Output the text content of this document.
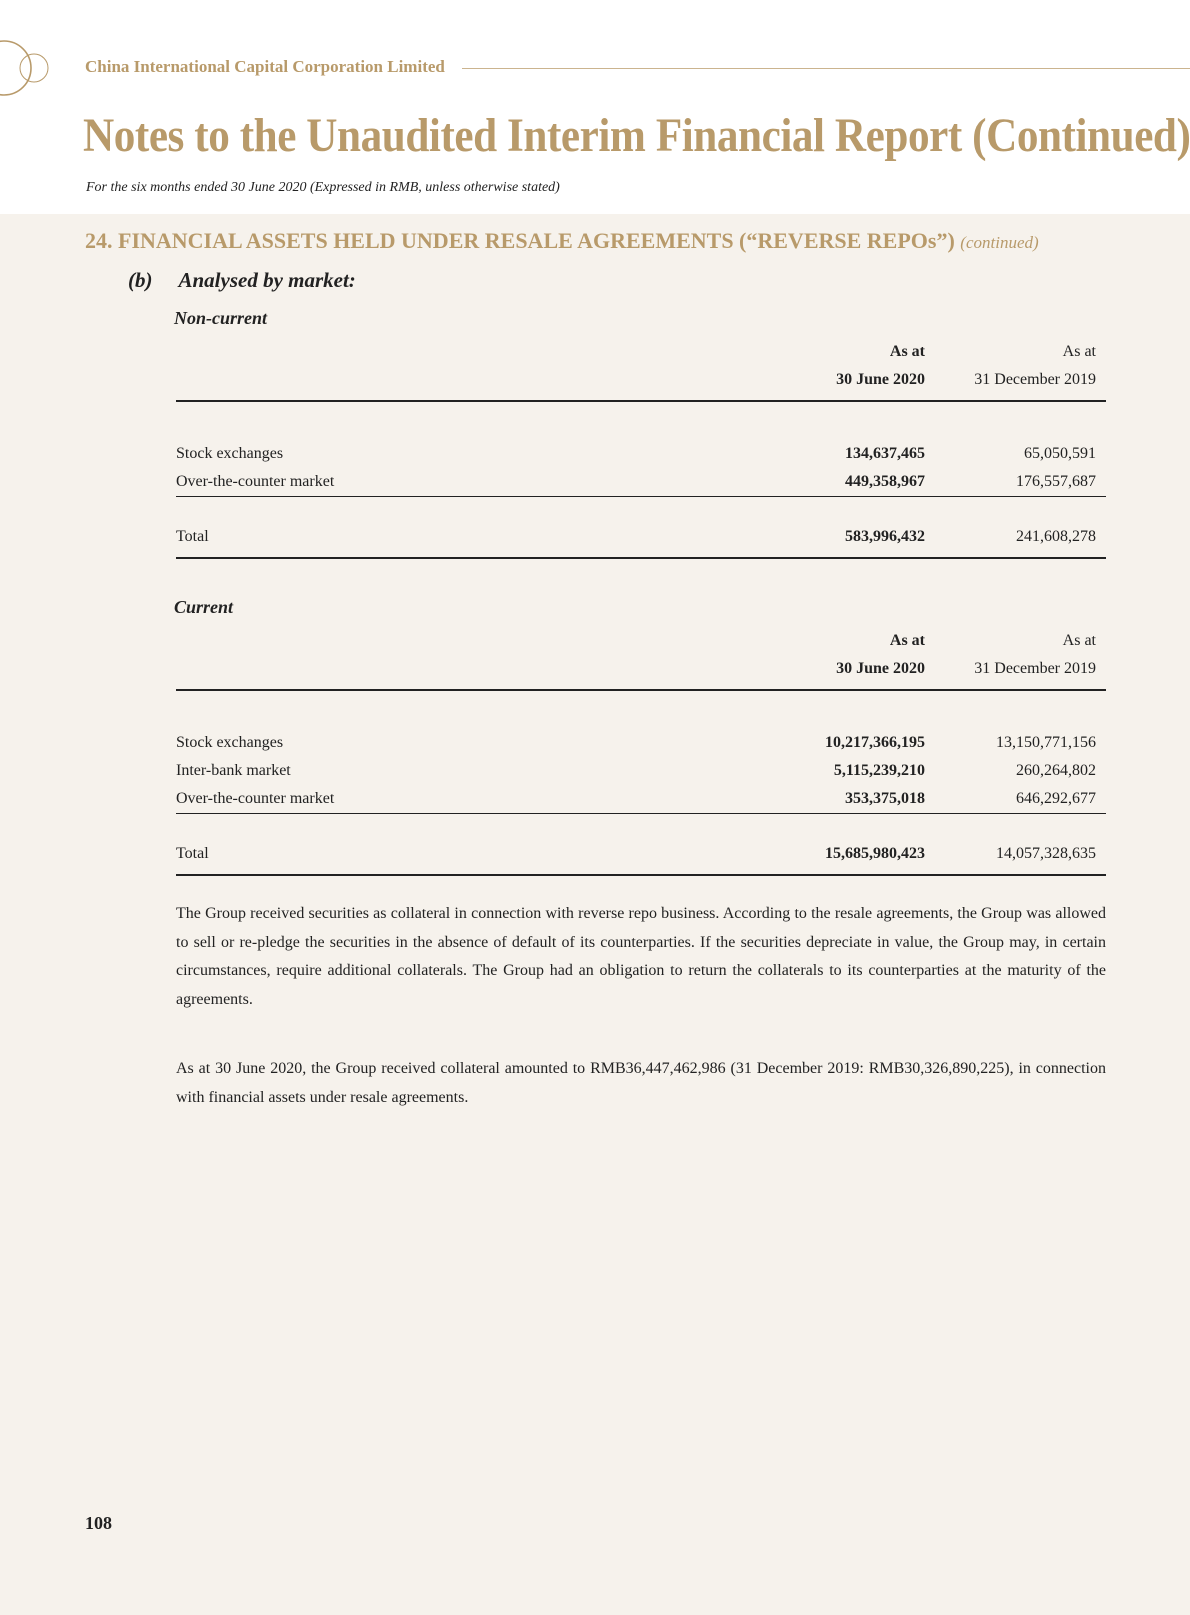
China International Capital Corporation Limited
Notes to the Unaudited Interim Financial Report (Continued)
For the six months ended 30 June 2020 (Expressed in RMB, unless otherwise stated)
24. FINANCIAL ASSETS HELD UNDER RESALE AGREEMENTS (“REVERSE REPOs”) (continued)
(b) Analysed by market:
Non-current
As at
30 June 2020
As at
31 December 2019
Stock exchanges	134,637,465	65,050,591
Over-the-counter market	449,358,967	176,557,687
Total	583,996,432	241,608,278
Current
As at
30 June 2020
As at
31 December 2019
Stock exchanges	10,217,366,195	13,150,771,156
Inter-bank market	5,115,239,210	260,264,802
Over-the-counter market	353,375,018	646,292,677
Total	15,685,980,423	14,057,328,635

The Group received securities as collateral in connection with reverse repo business. According to the resale agreements, the Group was allowed to sell or re-pledge the securities in the absence of default of its counterparties. If the securities depreciate in value, the Group may, in certain circumstances, require additional collaterals. The Group had an obligation to return the collaterals to its counterparties at the maturity of the agreements.

As at 30 June 2020, the Group received collateral amounted to RMB36,447,462,986 (31 December 2019: RMB30,326,890,225), in connection with financial assets under resale agreements.

108
